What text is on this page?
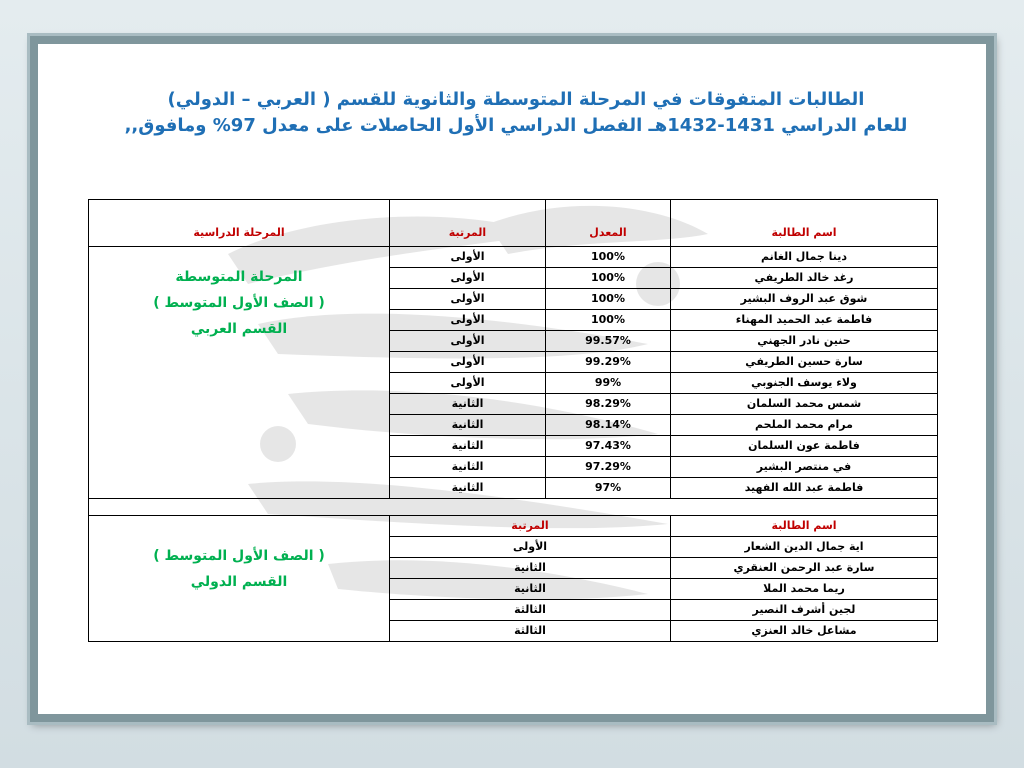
الطالبات المتفوقات في المرحلة المتوسطة والثانوية للقسم ( العربي – الدولي)
للعام الدراسي 1431-1432هـ الفصل الدراسي الأول الحاصلات على معدل 97% ومافوق,,
اسم الطالبة	المعدل	المرتبة	المرحلة الدراسية
دينا جمال الغانم	100%	الأولى	المرحلة المتوسطة
( الصف الأول المتوسط )
القسم العربي

رغد خالد الطريفي	100%	الأولى	
شوق عبد الروف البشير	100%	الأولى	
فاطمة عبد الحميد المهناء	100%	الأولى	
حنين نادر الجهني	99.57%	الأولى	
سارة حسين الطريفي	99.29%	الأولى	
ولاء يوسف الجنوبي	99%	الأولى	
شمس محمد السلمان	98.29%	الثانية	
مرام محمد الملحم	98.14%	الثانية	
فاطمة عون السلمان	97.43%	الثانية	
في منتصر البشير	97.29%	الثانية	
فاطمة عبد الله الفهيد	97%	الثانية	

اسم الطالبة	المرتبة		( الصف الأول المتوسط )
القسم الدولي

اية جمال الدين الشعار	الأولى		
سارة عبد الرحمن العنقري	الثانية		
ريما محمد الملا	الثانية		
لجين أشرف النصير	الثالثة		
مشاعل خالد العنزي	الثالثة		
